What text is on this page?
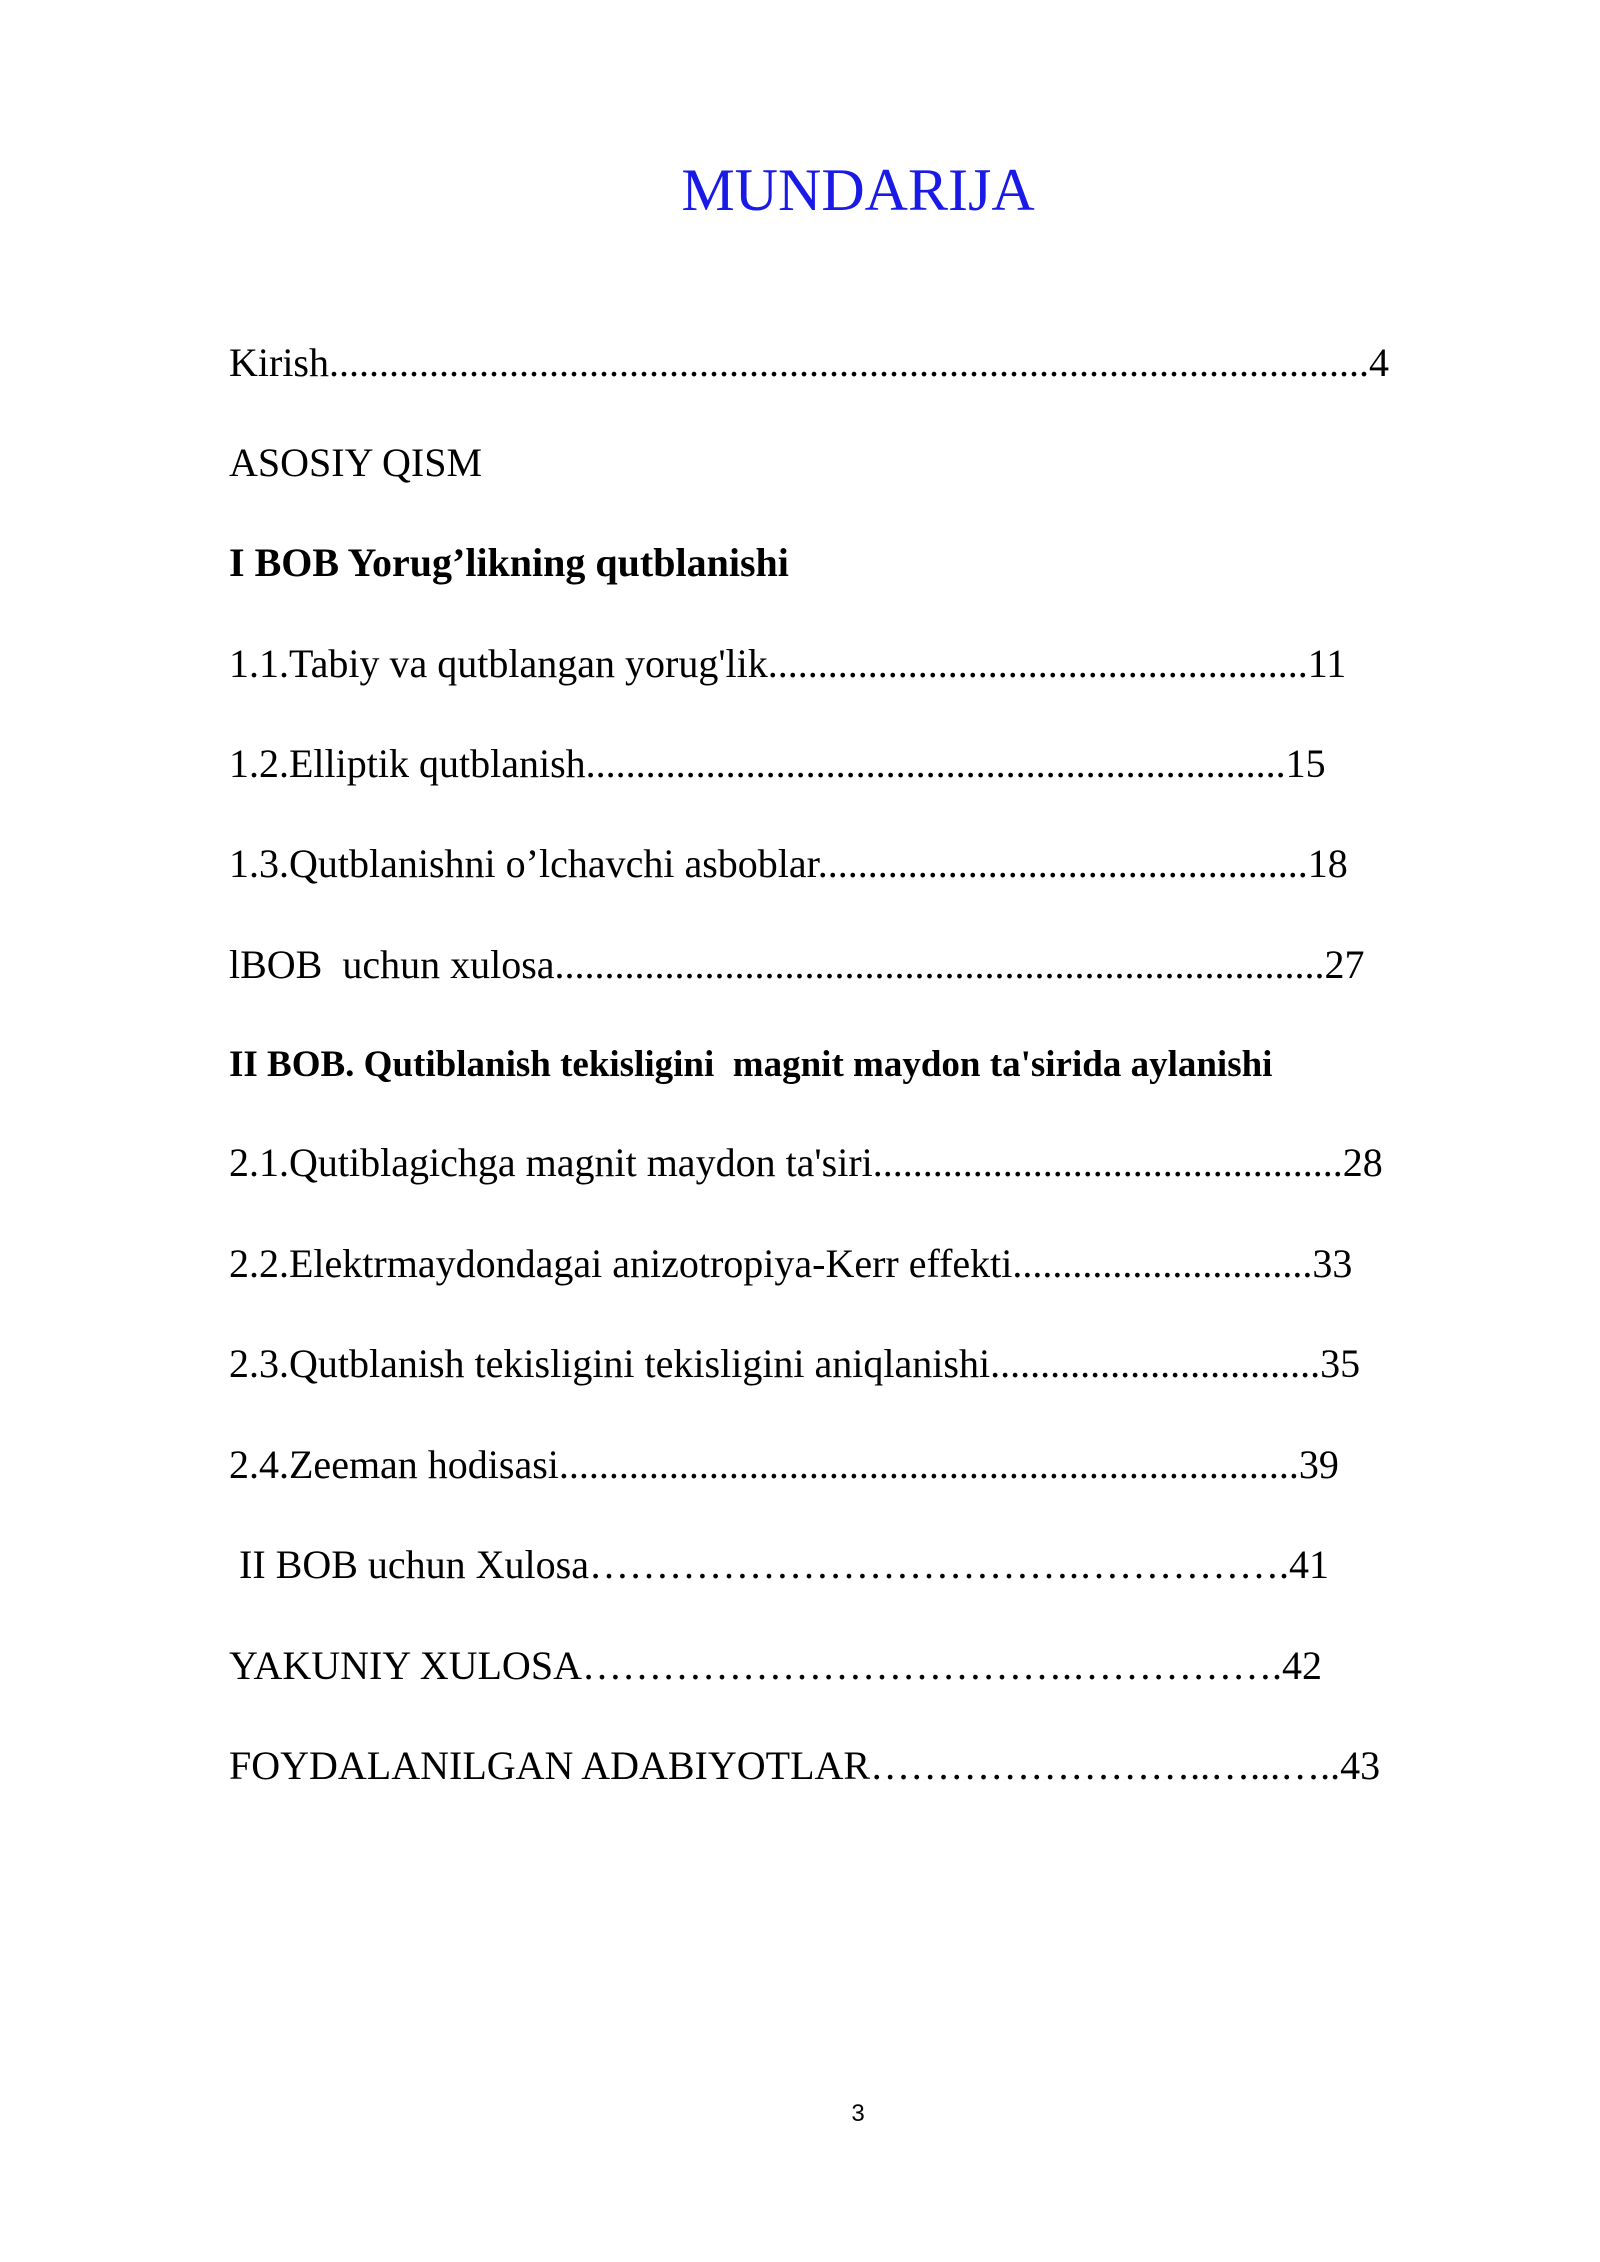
MUNDARIJA
Kirish........................................................................................................4
ASOSIY QISM
I BOB Yorug’likning qutblanishi
1.1.Tabiy va qutblangan yorug'lik......................................................11
1.2.Elliptik qutblanish......................................................................15
1.3.Qutblanishni o’lchavchi asboblar.................................................18
lBOB  uchun xulosa.............................................................................27
II BOB. Qutiblanish tekisligini  magnit maydon ta'sirida aylanishi
2.1.Qutiblagichga magnit maydon ta'siri...............................................28
2.2.Elektrmaydondagai anizotropiya-Kerr effekti..............................33
2.3.Qutblanish tekisligini tekisligini aniqlanishi.................................35
2.4.Zeeman hodisasi..........................................................................39
II BOB uchun Xulosa……………………………….…………….41
YAKUNIY XULOSA……………………………….…………….42
FOYDALANILGAN ADABIYOTLAR……………………..…...…..43
3
